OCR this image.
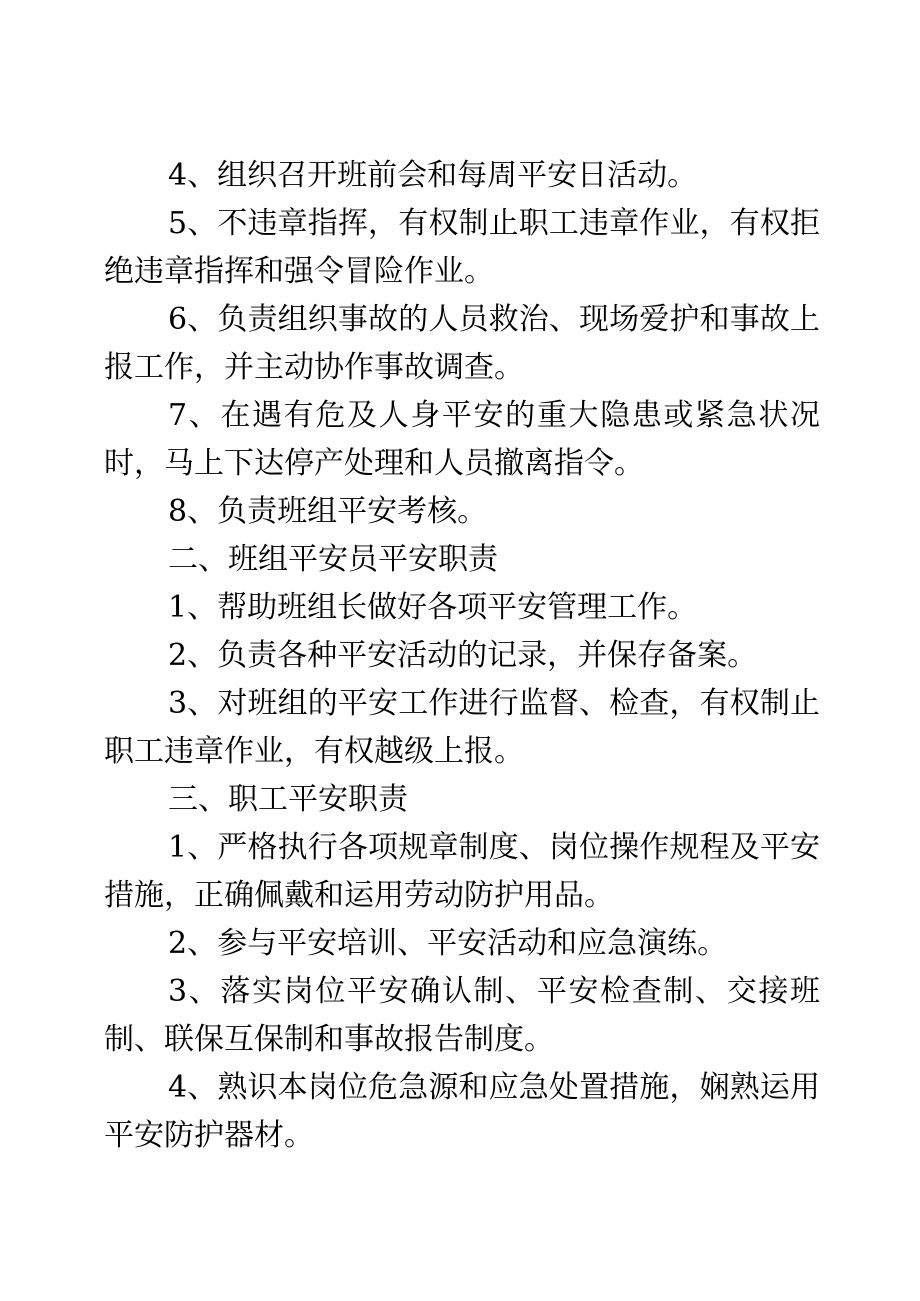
4、组织召开班前会和每周平安日活动。

5、不违章指挥，有权制止职工违章作业，有权拒绝违章指挥和强令冒险作业。

6、负责组织事故的人员救治、现场爱护和事故上报工作，并主动协作事故调查。

7、在遇有危及人身平安的重大隐患或紧急状况时，马上下达停产处理和人员撤离指令。

8、负责班组平安考核。

二、班组平安员平安职责

1、帮助班组长做好各项平安管理工作。

2、负责各种平安活动的记录，并保存备案。

3、对班组的平安工作进行监督、检查，有权制止职工违章作业，有权越级上报。

三、职工平安职责

1、严格执行各项规章制度、岗位操作规程及平安措施，正确佩戴和运用劳动防护用品。

2、参与平安培训、平安活动和应急演练。

3、落实岗位平安确认制、平安检查制、交接班制、联保互保制和事故报告制度。

4、熟识本岗位危急源和应急处置措施，娴熟运用平安防护器材。
